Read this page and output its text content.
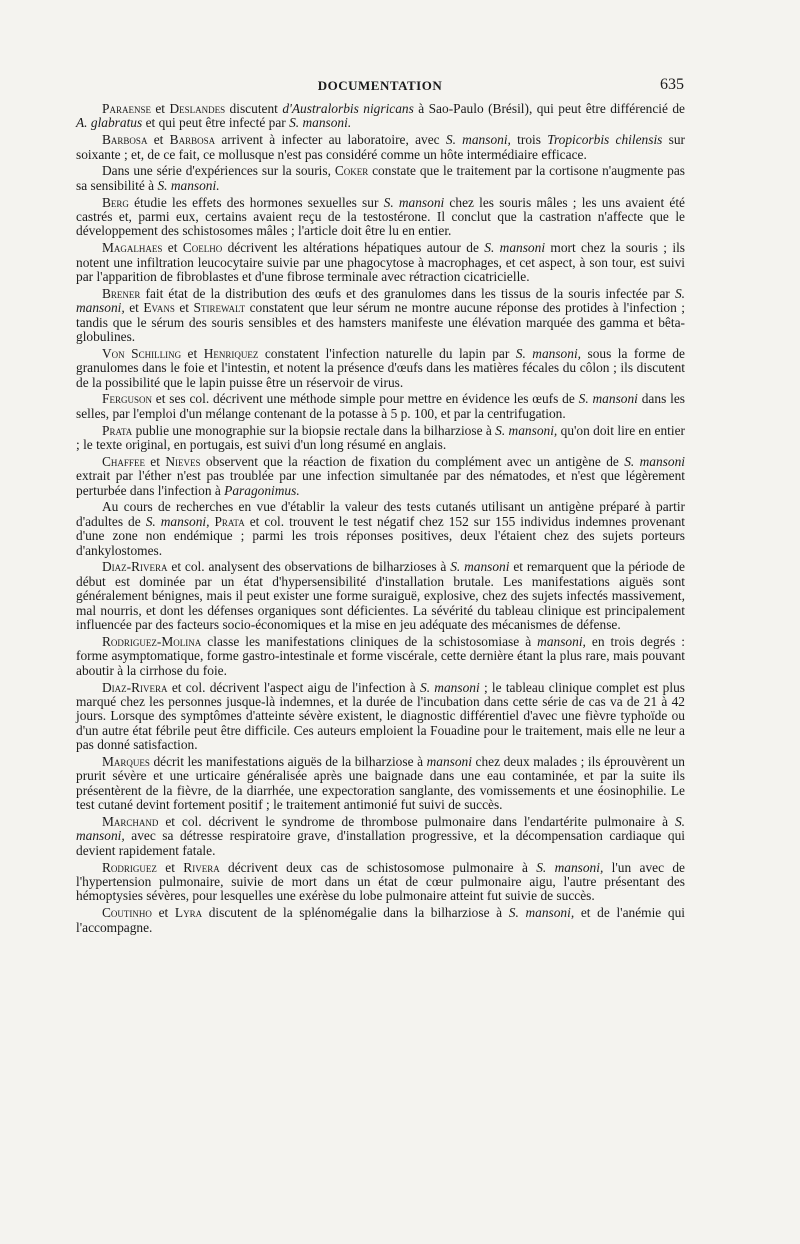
DOCUMENTATION	635

Paraense et Deslandes discutent d'Australorbis nigricans à Sao-Paulo (Brésil), qui peut être différencié de A. glabratus et qui peut être infecté par S. mansoni.

Barbosa et Barbosa arrivent à infecter au laboratoire, avec S. mansoni, trois Tropicorbis chilensis sur soixante ; et, de ce fait, ce mollusque n'est pas considéré comme un hôte intermédiaire efficace.

Dans une série d'expériences sur la souris, Coker constate que le traitement par la cortisone n'augmente pas sa sensibilité à S. mansoni.

Berg étudie les effets des hormones sexuelles sur S. mansoni chez les souris mâles ; les uns avaient été castrés et, parmi eux, certains avaient reçu de la testostérone. Il conclut que la castration n'affecte que le développement des schistosomes mâles ; l'article doit être lu en entier.

Magalhaes et Coelho décrivent les altérations hépatiques autour de S. mansoni mort chez la souris ; ils notent une infiltration leucocytaire suivie par une phagocytose à macrophages, et cet aspect, à son tour, est suivi par l'apparition de fibroblastes et d'une fibrose terminale avec rétraction cicatricielle.

Brener fait état de la distribution des œufs et des granulomes dans les tissus de la souris infectée par S. mansoni, et Evans et Stirewalt constatent que leur sérum ne montre aucune réponse des protides à l'infection ; tandis que le sérum des souris sensibles et des hamsters manifeste une élévation marquée des gamma et bêta-globulines.

Von Schilling et Henriquez constatent l'infection naturelle du lapin par S. mansoni, sous la forme de granulomes dans le foie et l'intestin, et notent la présence d'œufs dans les matières fécales du côlon ; ils discutent de la possibilité que le lapin puisse être un réservoir de virus.

Ferguson et ses col. décrivent une méthode simple pour mettre en évidence les œufs de S. mansoni dans les selles, par l'emploi d'un mélange contenant de la potasse à 5 p. 100, et par la centrifugation.

Prata publie une monographie sur la biopsie rectale dans la bilharziose à S. mansoni, qu'on doit lire en entier ; le texte original, en portugais, est suivi d'un long résumé en anglais.

Chaffee et Nieves observent que la réaction de fixation du complément avec un antigène de S. mansoni extrait par l'éther n'est pas troublée par une infection simultanée par des nématodes, et n'est que légèrement perturbée dans l'infection à Paragonimus.

Au cours de recherches en vue d'établir la valeur des tests cutanés utilisant un antigène préparé à partir d'adultes de S. mansoni, Prata et col. trouvent le test négatif chez 152 sur 155 individus indemnes provenant d'une zone non endémique ; parmi les trois réponses positives, deux l'étaient chez des sujets porteurs d'ankylostomes.

Diaz-Rivera et col. analysent des observations de bilharzioses à S. mansoni et remarquent que la période de début est dominée par un état d'hypersensibilité d'installation brutale. Les manifestations aiguës sont généralement bénignes, mais il peut exister une forme suraiguë, explosive, chez des sujets infectés massivement, mal nourris, et dont les défenses organiques sont déficientes. La sévérité du tableau clinique est principalement influencée par des facteurs socio-économiques et la mise en jeu adéquate des mécanismes de défense.

Rodriguez-Molina classe les manifestations cliniques de la schistosomiase à mansoni, en trois degrés : forme asymptomatique, forme gastro-intestinale et forme viscérale, cette dernière étant la plus rare, mais pouvant aboutir à la cirrhose du foie.

Diaz-Rivera et col. décrivent l'aspect aigu de l'infection à S. mansoni ; le tableau clinique complet est plus marqué chez les personnes jusque-là indemnes, et la durée de l'incubation dans cette série de cas va de 21 à 42 jours. Lorsque des symptômes d'atteinte sévère existent, le diagnostic différentiel d'avec une fièvre typhoïde ou d'un autre état fébrile peut être difficile. Ces auteurs emploient la Fouadine pour le traitement, mais elle ne leur a pas donné satisfaction.

Marques décrit les manifestations aiguës de la bilharziose à mansoni chez deux malades ; ils éprouvèrent un prurit sévère et une urticaire généralisée après une baignade dans une eau contaminée, et par la suite ils présentèrent de la fièvre, de la diarrhée, une expectoration sanglante, des vomissements et une éosinophilie. Le test cutané devint fortement positif ; le traitement antimonié fut suivi de succès.

Marchand et col. décrivent le syndrome de thrombose pulmonaire dans l'endartérite pulmonaire à S. mansoni, avec sa détresse respiratoire grave, d'installation progressive, et la décompensation cardiaque qui devient rapidement fatale.

Rodriguez et Rivera décrivent deux cas de schistosomose pulmonaire à S. mansoni, l'un avec de l'hypertension pulmonaire, suivie de mort dans un état de cœur pulmonaire aigu, l'autre présentant des hémoptysies sévères, pour lesquelles une exérèse du lobe pulmonaire atteint fut suivie de succès.

Coutinho et Lyra discutent de la splénomégalie dans la bilharziose à S. mansoni, et de l'anémie qui l'accompagne.
